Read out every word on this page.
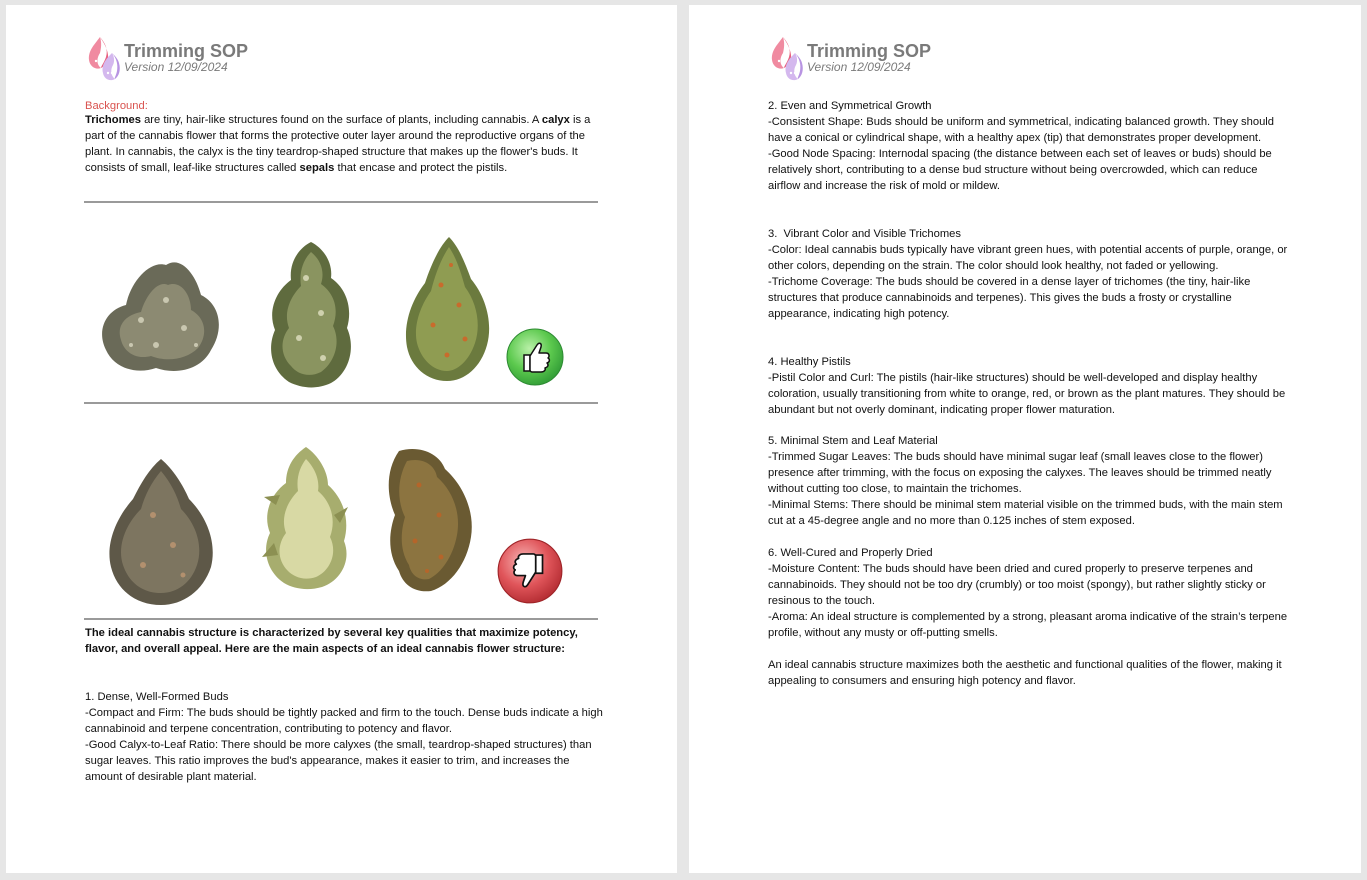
Trimming SOP
Version 12/09/2024
Background:
Trichomes are tiny, hair-like structures found on the surface of plants, including cannabis. A calyx is a part of the cannabis flower that forms the protective outer layer around the reproductive organs of the plant. In cannabis, the calyx is the tiny teardrop-shaped structure that makes up the flower's buds. It consists of small, leaf-like structures called sepals that encase and protect the pistils.
The ideal cannabis structure is characterized by several key qualities that maximize potency, flavor, and overall appeal. Here are the main aspects of an ideal cannabis flower structure:
1. Dense, Well-Formed Buds
-Compact and Firm: The buds should be tightly packed and firm to the touch. Dense buds indicate a high cannabinoid and terpene concentration, contributing to potency and flavor.
-Good Calyx-to-Leaf Ratio: There should be more calyxes (the small, teardrop-shaped structures) than sugar leaves. This ratio improves the bud's appearance, makes it easier to trim, and increases the amount of desirable plant material.
Trimming SOP
Version 12/09/2024
2. Even and Symmetrical Growth
-Consistent Shape: Buds should be uniform and symmetrical, indicating balanced growth. They should have a conical or cylindrical shape, with a healthy apex (tip) that demonstrates proper development.
-Good Node Spacing: Internodal spacing (the distance between each set of leaves or buds) should be relatively short, contributing to a dense bud structure without being overcrowded, which can reduce airflow and increase the risk of mold or mildew.
3.  Vibrant Color and Visible Trichomes
-Color: Ideal cannabis buds typically have vibrant green hues, with potential accents of purple, orange, or other colors, depending on the strain. The color should look healthy, not faded or yellowing.
-Trichome Coverage: The buds should be covered in a dense layer of trichomes (the tiny, hair-like structures that produce cannabinoids and terpenes). This gives the buds a frosty or crystalline appearance, indicating high potency.
4. Healthy Pistils
-Pistil Color and Curl: The pistils (hair-like structures) should be well-developed and display healthy coloration, usually transitioning from white to orange, red, or brown as the plant matures. They should be abundant but not overly dominant, indicating proper flower maturation.
5. Minimal Stem and Leaf Material
-Trimmed Sugar Leaves: The buds should have minimal sugar leaf (small leaves close to the flower) presence after trimming, with the focus on exposing the calyxes. The leaves should be trimmed neatly without cutting too close, to maintain the trichomes.
-Minimal Stems: There should be minimal stem material visible on the trimmed buds, with the main stem cut at a 45-degree angle and no more than 0.125 inches of stem exposed.
6. Well-Cured and Properly Dried
-Moisture Content: The buds should have been dried and cured properly to preserve terpenes and cannabinoids. They should not be too dry (crumbly) or too moist (spongy), but rather slightly sticky or resinous to the touch.
-Aroma: An ideal structure is complemented by a strong, pleasant aroma indicative of the strain’s terpene profile, without any musty or off-putting smells.
An ideal cannabis structure maximizes both the aesthetic and functional qualities of the flower, making it appealing to consumers and ensuring high potency and flavor.
